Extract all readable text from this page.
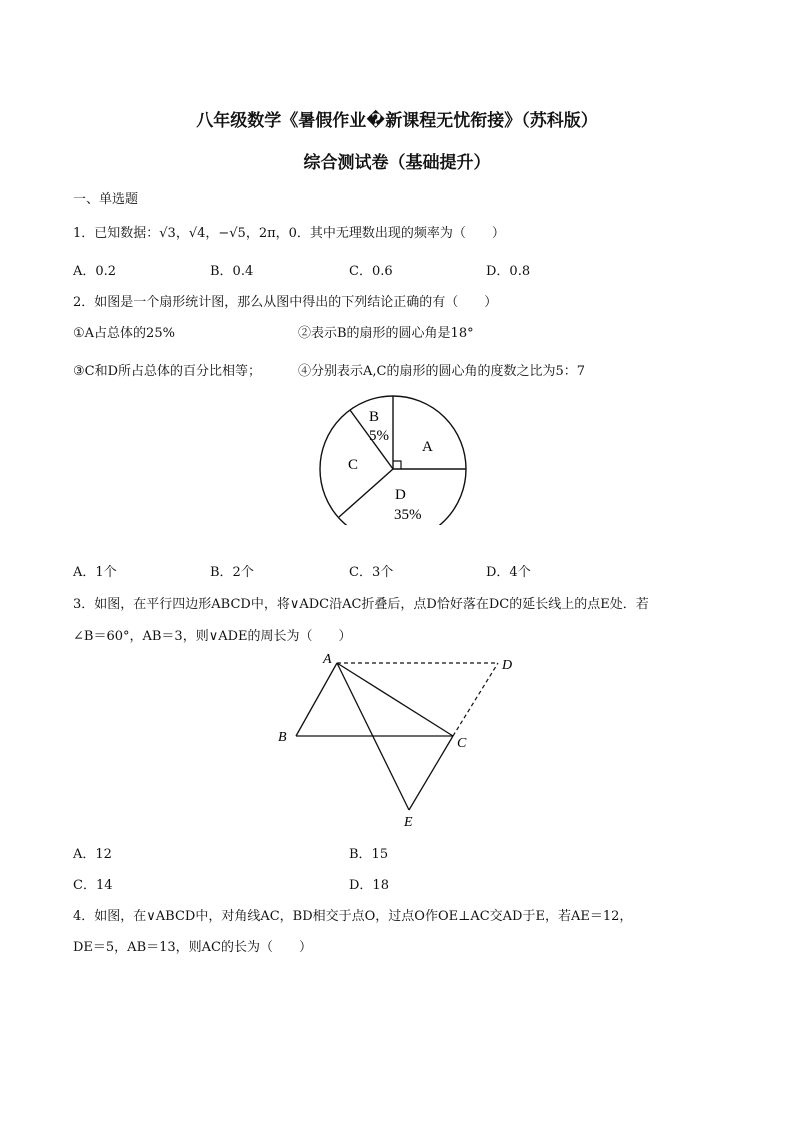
八年级数学《暑假作业�新课程无忧衔接》（苏科版）
综合测试卷（基础提升）
一、单选题
1．已知数据：√3，√4，−√5，2π，0．其中无理数出现的频率为（　　）
A．0.2	B．0.4	C．0.6	D．0.8
2．如图是一个扇形统计图，那么从图中得出的下列结论正确的有（　　）
①A占总体的25%	②表示B的扇形的圆心角是18°
③C和D所占总体的百分比相等；	④分别表示A,C的扇形的圆心角的度数之比为5：7
A
B
5%
C
D
35%
A．1个	B．2个	C．3个	D．4个
3．如图，在平行四边形ABCD中，将∨ADC沿AC折叠后，点D恰好落在DC的延长线上的点E处．若
∠B＝60°，AB＝3，则∨ADE的周长为（　　）
A
B	C
D
E
A．12	B．15
C．14	D．18
4．如图，在∨ABCD中，对角线AC，BD相交于点O，过点O作OE⊥AC交AD于E，若AE＝12，
DE＝5，AB＝13，则AC的长为（　　）
